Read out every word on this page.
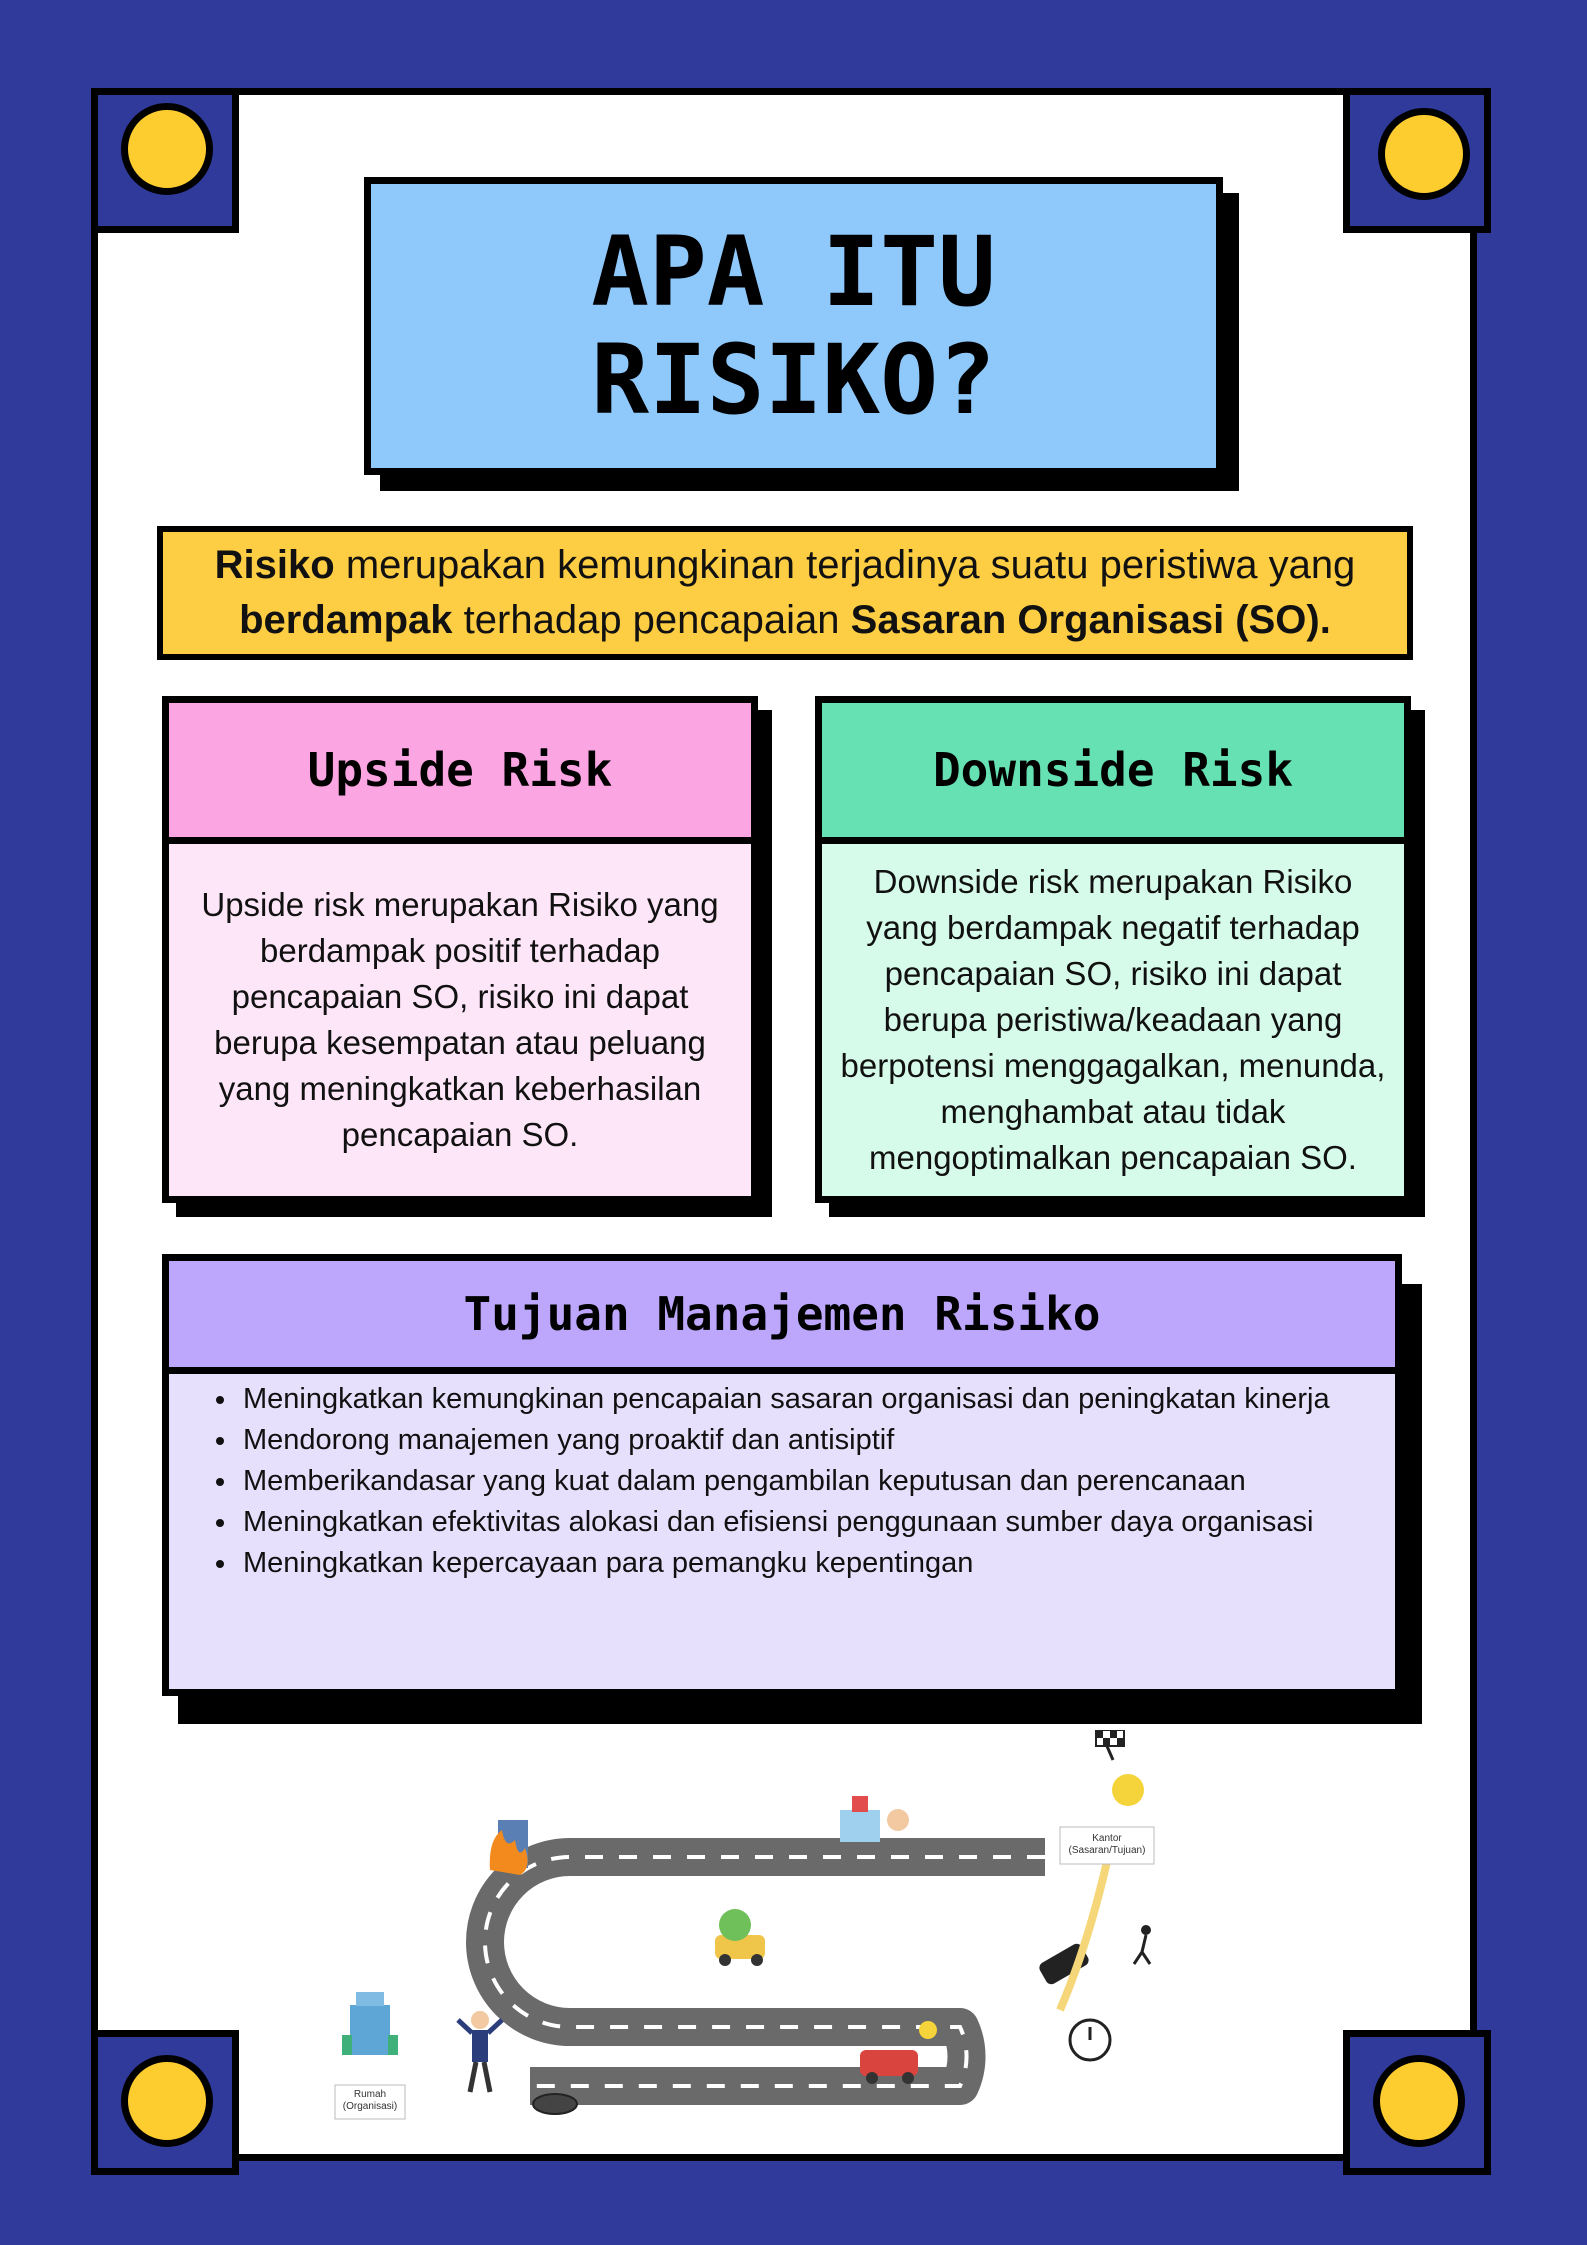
APA ITU
RISIKO?
Risiko merupakan kemungkinan terjadinya suatu peristiwa yang
berdampak terhadap pencapaian Sasaran Organisasi (SO).
Upside Risk
Upside risk merupakan Risiko yang berdampak positif terhadap pencapaian SO, risiko ini dapat berupa kesempatan atau peluang yang meningkatkan keberhasilan pencapaian SO.
Downside Risk
Downside risk merupakan Risiko yang berdampak negatif terhadap pencapaian SO, risiko ini dapat berupa peristiwa/keadaan yang berpotensi menggagalkan, menunda, menghambat atau tidak mengoptimalkan pencapaian SO.
Tujuan Manajemen Risiko
• Meningkatkan kemungkinan pencapaian sasaran organisasi dan peningkatan kinerja
• Mendorong manajemen yang proaktif dan antisiptif
• Memberikandasar yang kuat dalam pengambilan keputusan dan perencanaan
• Meningkatkan efektivitas alokasi dan efisiensi penggunaan sumber daya organisasi
• Meningkatkan kepercayaan para pemangku kepentingan
Rumah
(Organisasi)
Kantor
(Sasaran/Tujuan)
